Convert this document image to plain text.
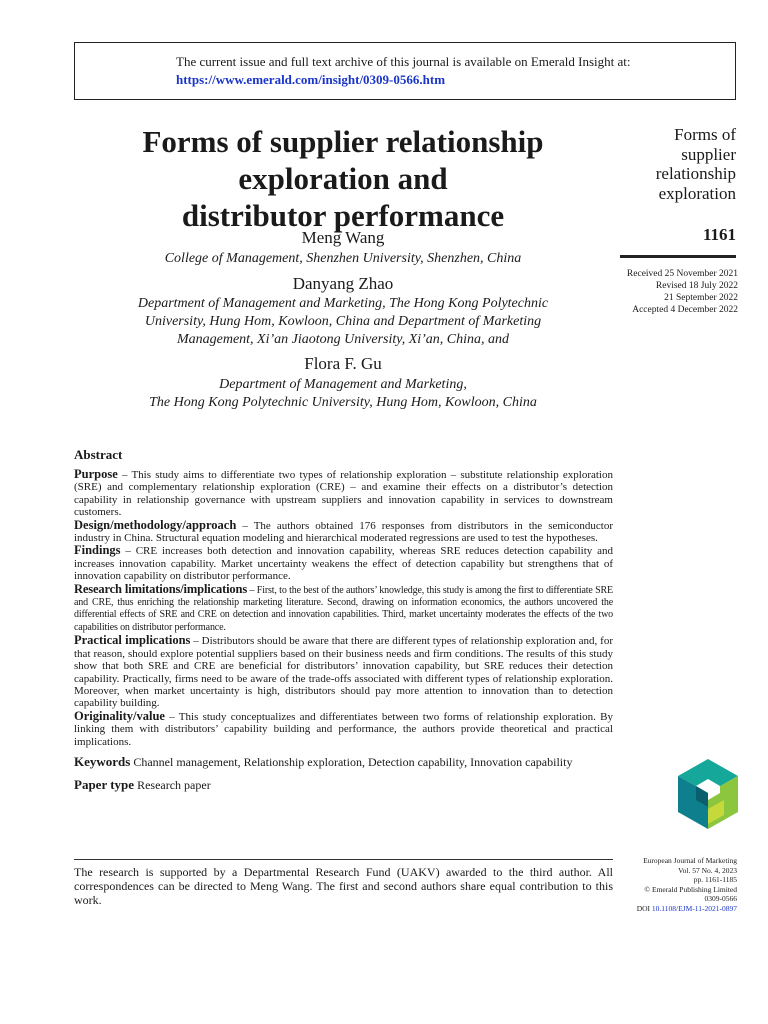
The current issue and full text archive of this journal is available on Emerald Insight at:
https://www.emerald.com/insight/0309-0566.htm
Forms of supplier relationship
exploration and
distributor performance
Meng Wang
College of Management, Shenzhen University, Shenzhen, China
Danyang Zhao
Department of Management and Marketing, The Hong Kong Polytechnic
University, Hung Hom, Kowloon, China and Department of Marketing
Management, Xi’an Jiaotong University, Xi’an, China, and
Flora F. Gu
Department of Management and Marketing,
The Hong Kong Polytechnic University, Hung Hom, Kowloon, China
Forms of
supplier
relationship
exploration
1161
Received 25 November 2021
Revised 18 July 2022
21 September 2022
Accepted 4 December 2022
Abstract

Purpose – This study aims to differentiate two types of relationship exploration – substitute relationship exploration (SRE) and complementary relationship exploration (CRE) – and examine their effects on a distributor’s detection capability in relationship governance with upstream suppliers and innovation capability in services to downstream customers.

Design/methodology/approach – The authors obtained 176 responses from distributors in the semiconductor industry in China. Structural equation modeling and hierarchical moderated regressions are used to test the hypotheses.

Findings – CRE increases both detection and innovation capability, whereas SRE reduces detection capability and increases innovation capability. Market uncertainty weakens the effect of detection capability but strengthens that of innovation capability on distributor performance.

Research limitations/implications – First, to the best of the authors’ knowledge, this study is among the first to differentiate SRE and CRE, thus enriching the relationship marketing literature. Second, drawing on information economics, the authors uncovered the differential effects of SRE and CRE on detection and innovation capabilities. Third, market uncertainty moderates the effects of the two capabilities on distributor performance.

Practical implications – Distributors should be aware that there are different types of relationship exploration and, for that reason, should explore potential suppliers based on their business needs and firm conditions. The results of this study show that both SRE and CRE are beneficial for distributors’ innovation capability, but SRE reduces their detection capability. Practically, firms need to be aware of the trade-offs associated with different types of relationship exploration. Moreover, when market uncertainty is high, distributors should pay more attention to innovation than to detection capability building.

Originality/value – This study conceptualizes and differentiates between two forms of relationship exploration. By linking them with distributors’ capability building and performance, the authors provide theoretical and practical implications.

Keywords Channel management, Relationship exploration, Detection capability, Innovation capability
Paper type Research paper
The research is supported by a Departmental Research Fund (UAKV) awarded to the third author. All correspondences can be directed to Meng Wang. The first and second authors share equal contribution to this work.
European Journal of Marketing
Vol. 57 No. 4, 2023
pp. 1161-1185
© Emerald Publishing Limited
0309-0566
DOI 10.1108/EJM-11-2021-0897
